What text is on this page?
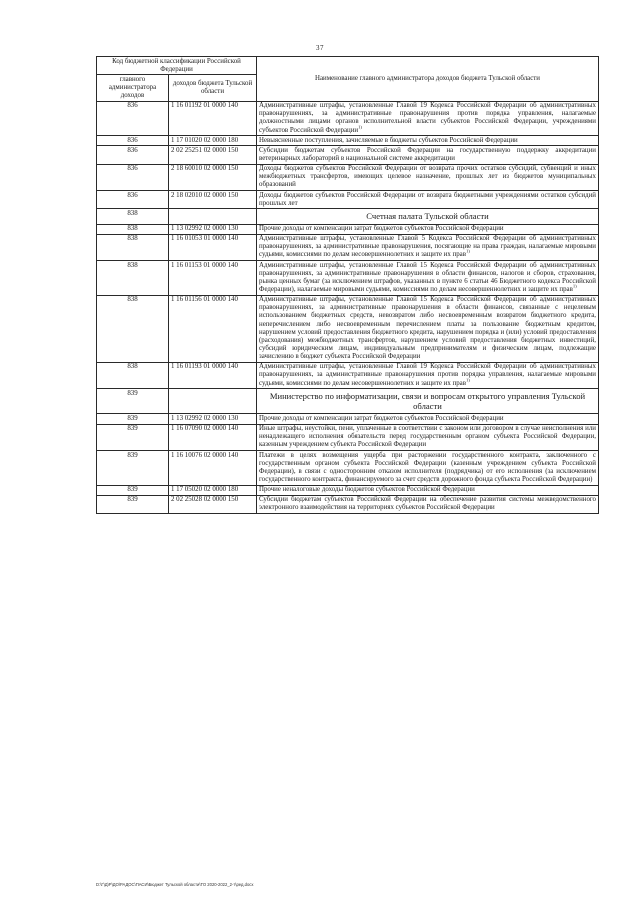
37
Код бюджетной классификации Российской Федерации		Наименование главного администратора доходов бюджета Тульской области
главного администратора доходов	доходов бюджета Тульской области	
836	1 16 01192 01 0000 140	Административные штрафы, установленные Главой 19 Кодекса Российской Федерации об административных правонарушениях, за административные правонарушения против порядка управления, налагаемые должностными лицами органов исполнительной власти субъектов Российской Федерации, учреждениями субъектов Российской Федерации$^{1)}$
836	1 17 01020 02 0000 180	Невыясненные поступления, зачисляемые в бюджеты субъектов Российской Федерации
836	2 02 25251 02 0000 150	Субсидии бюджетам субъектов Российской Федерации на государственную поддержку аккредитации ветеринарных лабораторий в национальной системе аккредитации
836	2 18 60010 02 0000 150	Доходы бюджетов субъектов Российской Федерации от возврата прочих остатков субсидий, субвенций и иных межбюджетных трансфертов, имеющих целевое назначение, прошлых лет из бюджетов муниципальных образований
836	2 18 02010 02 0000 150	Доходы бюджетов субъектов Российской Федерации от возврата бюджетными учреждениями остатков субсидий прошлых лет
838		Счетная палата Тульской области
838	1 13 02992 02 0000 130	Прочие доходы от компенсации затрат бюджетов субъектов Российской Федерации
838	1 16 01053 01 0000 140	Административные штрафы, установленные Главой 5 Кодекса Российской Федерации об административных правонарушениях, за административные правонарушения, посягающие на права граждан, налагаемые мировыми судьями, комиссиями по делам несовершеннолетних и защите их прав$^{1)}$
838	1 16 01153 01 0000 140	Административные штрафы, установленные Главой 15 Кодекса Российской Федерации об административных правонарушениях, за административные правонарушения в области финансов, налогов и сборов, страхования, рынка ценных бумаг (за исключением штрафов, указанных в пункте 6 статьи 46 Бюджетного кодекса Российской Федерации), налагаемые мировыми судьями, комиссиями по делам несовершеннолетних и защите их прав$^{1)}$
838	1 16 01156 01 0000 140	Административные штрафы, установленные Главой 15 Кодекса Российской Федерации об административных правонарушениях, за административные правонарушения в области финансов, связанные с нецелевым использованием бюджетных средств, невозвратом либо несвоевременным возвратом бюджетного кредита, неперечислением либо несвоевременным перечислением платы за пользование бюджетным кредитом, нарушением условий предоставления бюджетного кредита, нарушением порядка и (или) условий предоставления (расходования) межбюджетных трансфертов, нарушением условий предоставления бюджетных инвестиций, субсидий юридическим лицам, индивидуальным предпринимателям и физическим лицам, подлежащие зачислению в бюджет субъекта Российской Федерации
838	1 16 01193 01 0000 140	Административные штрафы, установленные Главой 19 Кодекса Российской Федерации об административных правонарушениях, за административные правонарушения против порядка управления, налагаемые мировыми судьями, комиссиями по делам несовершеннолетних и защите их прав$^{1)}$
839		Министерство по информатизации, связи и вопросам открытого управления Тульской области
839	1 13 02992 02 0000 130	Прочие доходы от компенсации затрат бюджетов субъектов Российской Федерации
839	1 16 07090 02 0000 140	Иные штрафы, неустойки, пени, уплаченные в соответствии с законом или договором в случае неисполнения или ненадлежащего исполнения обязательств перед государственным органом субъекта Российской Федерации, казенным учреждением субъекта Российской Федерации
839	1 16 10076 02 0000 140	Платежи в целях возмещения ущерба при расторжении государственного контракта, заключенного с государственным органом субъекта Российской Федерации (казенным учреждением субъекта Российской Федерации), в связи с односторонним отказом исполнителя (подрядчика) от его исполнения (за исключением государственного контракта, финансируемого за счет средств дорожного фонда субъекта Российской Федерации)
839	1 17 05020 02 0000 180	Прочие неналоговые доходы бюджетов субъектов Российской Федерации
839	2 02 25028 02 0000 150	Субсидии бюджетам субъектов Российской Федерации на обеспечение развития системы межведомственного электронного взаимодействия на территориях субъектов Российской Федерации
D:\Г\Д\Р\ДО\РАДОС\ПАСИ\Бюджет Тульской области\ТО 2020-2022_2-т\ред.docx
